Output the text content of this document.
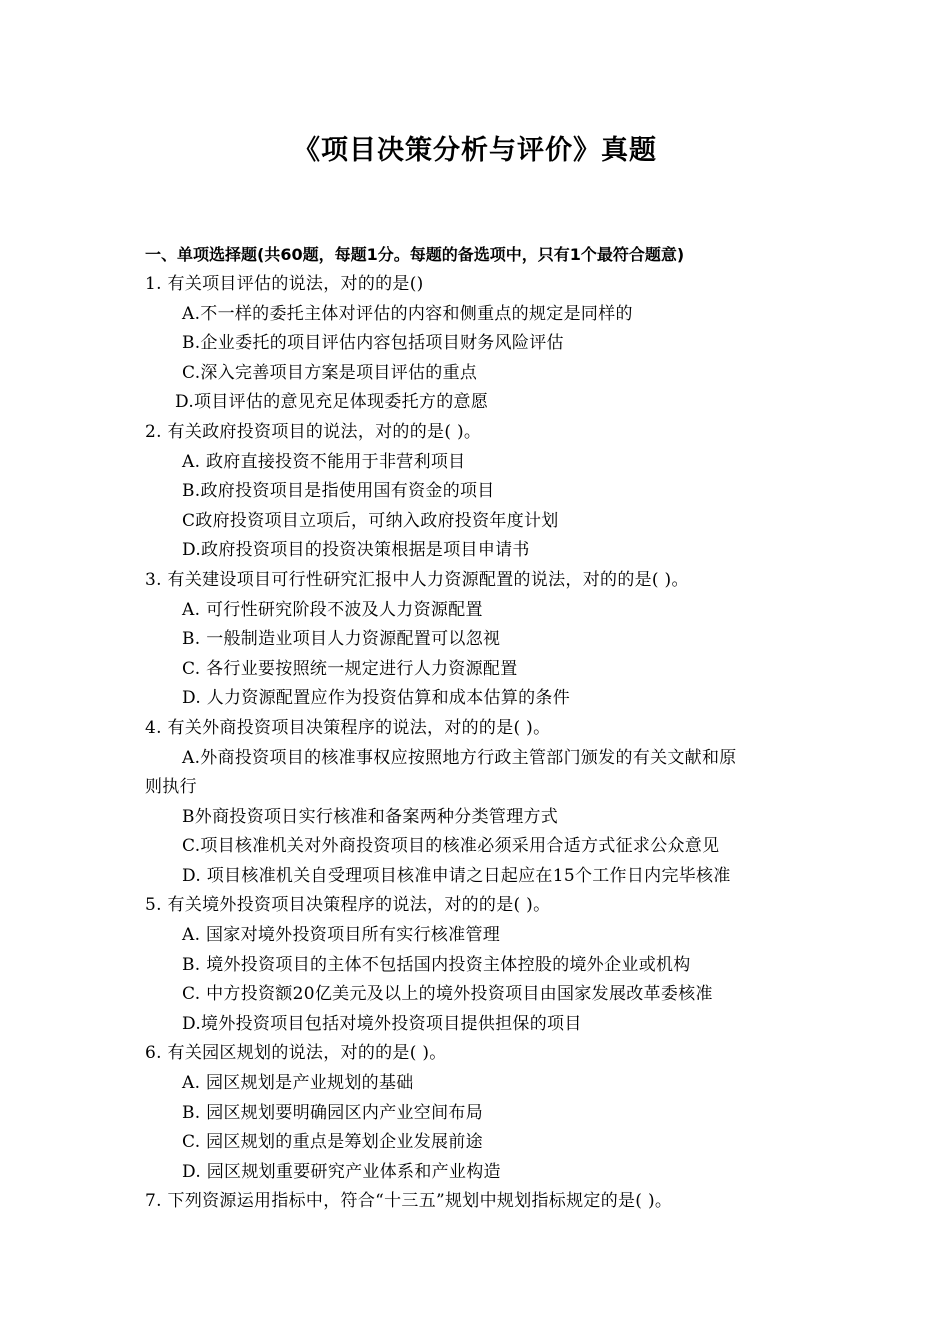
《项目决策分析与评价》真题
一、单项选择题(共60题，每题1分。每题的备选项中，只有1个最符合题意)
1. 有关项目评估的说法，对的的是()
A.不一样的委托主体对评估的内容和侧重点的规定是同样的
B.企业委托的项目评估内容包括项目财务风险评估
C.深入完善项目方案是项目评估的重点
D.项目评估的意见充足体现委托方的意愿
2. 有关政府投资项目的说法，对的的是( )。
A. 政府直接投资不能用于非营利项目
B.政府投资项目是指使用国有资金的项目
C政府投资项目立项后，可纳入政府投资年度计划
D.政府投资项目的投资决策根据是项目申请书
3. 有关建设项目可行性研究汇报中人力资源配置的说法，对的的是( )。
A. 可行性研究阶段不波及人力资源配置
B. 一般制造业项目人力资源配置可以忽视
C. 各行业要按照统一规定进行人力资源配置
D. 人力资源配置应作为投资估算和成本估算的条件
4. 有关外商投资项目决策程序的说法，对的的是( )。
A.外商投资项目的核准事权应按照地方行政主管部门颁发的有关文献和原
则执行
B外商投资项日实行核准和备案两种分类管理方式
C.项目核准机关对外商投资项目的核准必须采用合适方式征求公众意见
D. 项目核准机关自受理项目核准申请之日起应在15个工作日内完毕核准
5. 有关境外投资项目决策程序的说法，对的的是( )。
A. 国家对境外投资项目所有实行核准管理
B. 境外投资项目的主体不包括国内投资主体控股的境外企业或机构
C. 中方投资额20亿美元及以上的境外投资项目由国家发展改革委核准
D.境外投资项目包括对境外投资项目提供担保的项目
6. 有关园区规划的说法，对的的是( )。
A. 园区规划是产业规划的基础
B. 园区规划要明确园区内产业空间布局
C. 园区规划的重点是筹划企业发展前途
D. 园区规划重要研究产业体系和产业构造
7. 下列资源运用指标中，符合“十三五”规划中规划指标规定的是( )。
